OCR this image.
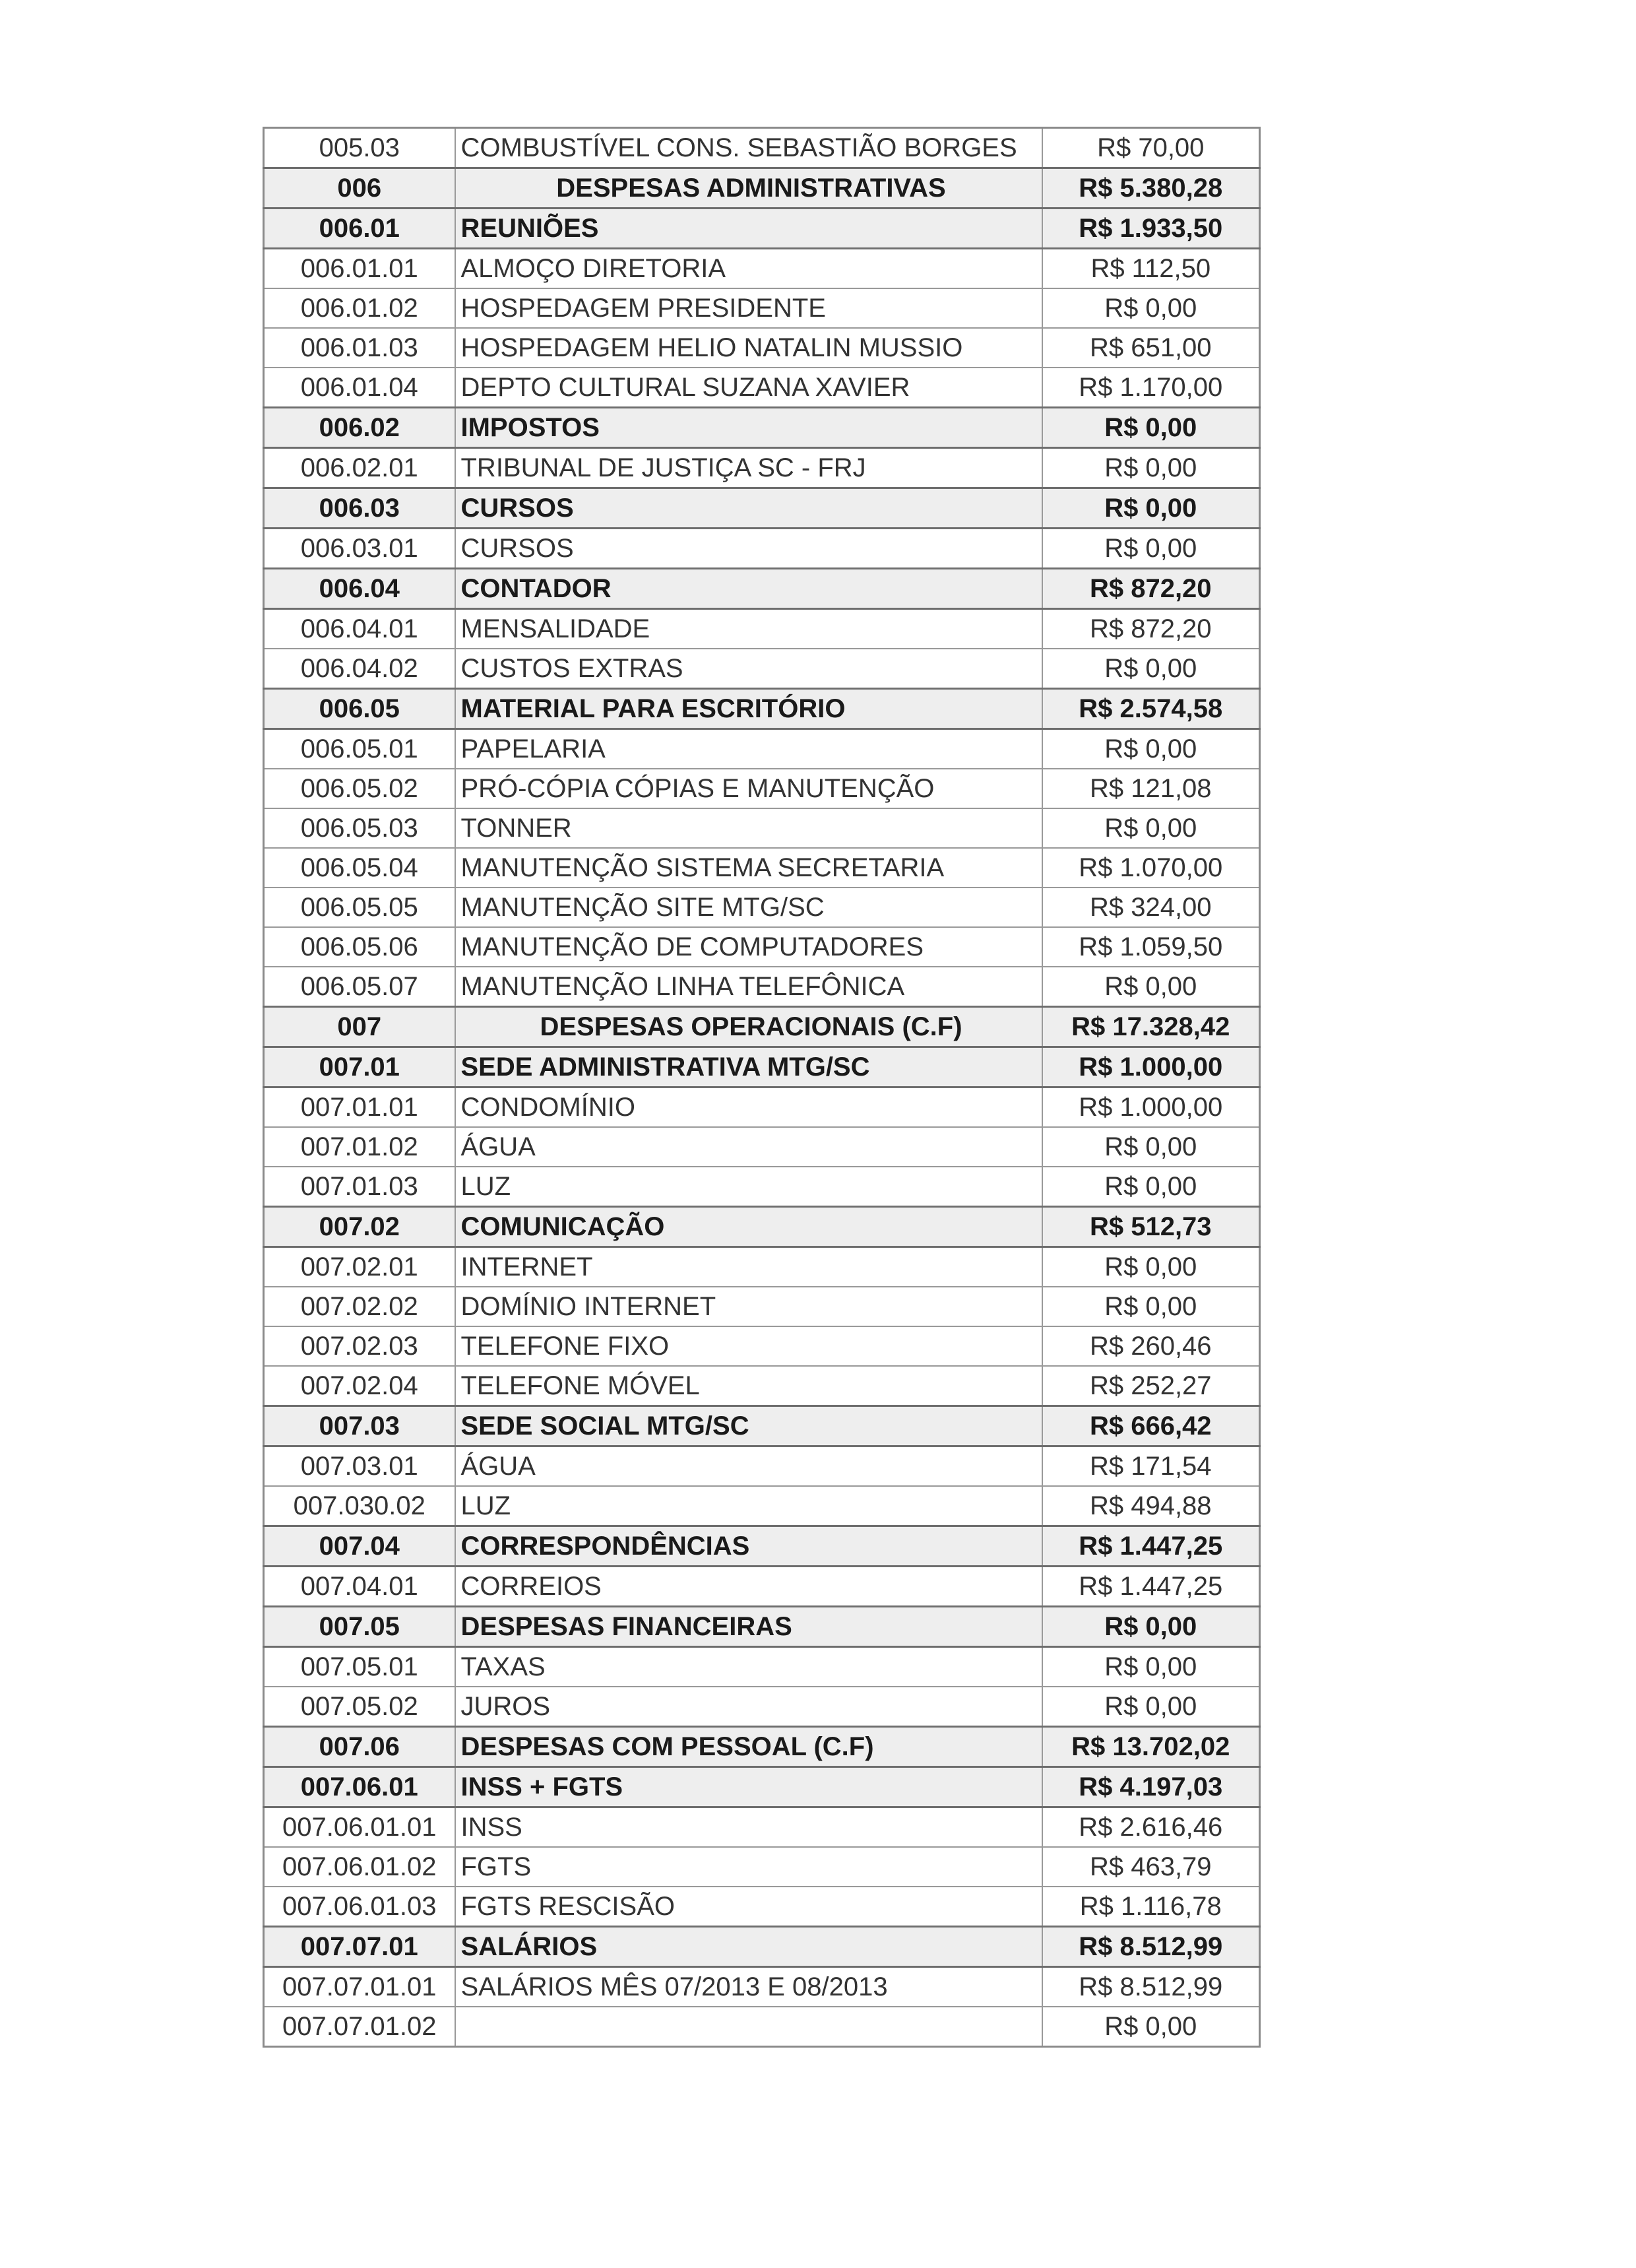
005.03	COMBUSTÍVEL CONS. SEBASTIÃO BORGES	R$ 70,00
006	DESPESAS ADMINISTRATIVAS	R$ 5.380,28
006.01	REUNIÕES	R$ 1.933,50
006.01.01	ALMOÇO DIRETORIA	R$ 112,50
006.01.02	HOSPEDAGEM PRESIDENTE	R$ 0,00
006.01.03	HOSPEDAGEM HELIO NATALIN MUSSIO	R$ 651,00
006.01.04	DEPTO CULTURAL SUZANA XAVIER	R$ 1.170,00
006.02	IMPOSTOS	R$ 0,00
006.02.01	TRIBUNAL DE JUSTIÇA SC - FRJ	R$ 0,00
006.03	CURSOS	R$ 0,00
006.03.01	CURSOS	R$ 0,00
006.04	CONTADOR	R$ 872,20
006.04.01	MENSALIDADE	R$ 872,20
006.04.02	CUSTOS EXTRAS	R$ 0,00
006.05	MATERIAL PARA ESCRITÓRIO	R$ 2.574,58
006.05.01	PAPELARIA	R$ 0,00
006.05.02	PRÓ-CÓPIA CÓPIAS E MANUTENÇÃO	R$ 121,08
006.05.03	TONNER	R$ 0,00
006.05.04	MANUTENÇÃO SISTEMA SECRETARIA	R$ 1.070,00
006.05.05	MANUTENÇÃO SITE MTG/SC	R$ 324,00
006.05.06	MANUTENÇÃO DE COMPUTADORES	R$ 1.059,50
006.05.07	MANUTENÇÃO LINHA TELEFÔNICA	R$ 0,00
007	DESPESAS OPERACIONAIS (C.F)	R$ 17.328,42
007.01	SEDE ADMINISTRATIVA MTG/SC	R$ 1.000,00
007.01.01	CONDOMÍNIO	R$ 1.000,00
007.01.02	ÁGUA	R$ 0,00
007.01.03	LUZ	R$ 0,00
007.02	COMUNICAÇÃO	R$ 512,73
007.02.01	INTERNET	R$ 0,00
007.02.02	DOMÍNIO INTERNET	R$ 0,00
007.02.03	TELEFONE FIXO	R$ 260,46
007.02.04	TELEFONE MÓVEL	R$ 252,27
007.03	SEDE SOCIAL MTG/SC	R$ 666,42
007.03.01	ÁGUA	R$ 171,54
007.030.02	LUZ	R$ 494,88
007.04	CORRESPONDÊNCIAS	R$ 1.447,25
007.04.01	CORREIOS	R$ 1.447,25
007.05	DESPESAS FINANCEIRAS	R$ 0,00
007.05.01	TAXAS	R$ 0,00
007.05.02	JUROS	R$ 0,00
007.06	DESPESAS COM PESSOAL (C.F)	R$ 13.702,02
007.06.01	INSS + FGTS	R$ 4.197,03
007.06.01.01	INSS	R$ 2.616,46
007.06.01.02	FGTS	R$ 463,79
007.06.01.03	FGTS RESCISÃO	R$ 1.116,78
007.07.01	SALÁRIOS	R$ 8.512,99
007.07.01.01	SALÁRIOS MÊS 07/2013 E 08/2013	R$ 8.512,99
007.07.01.02		R$ 0,00
